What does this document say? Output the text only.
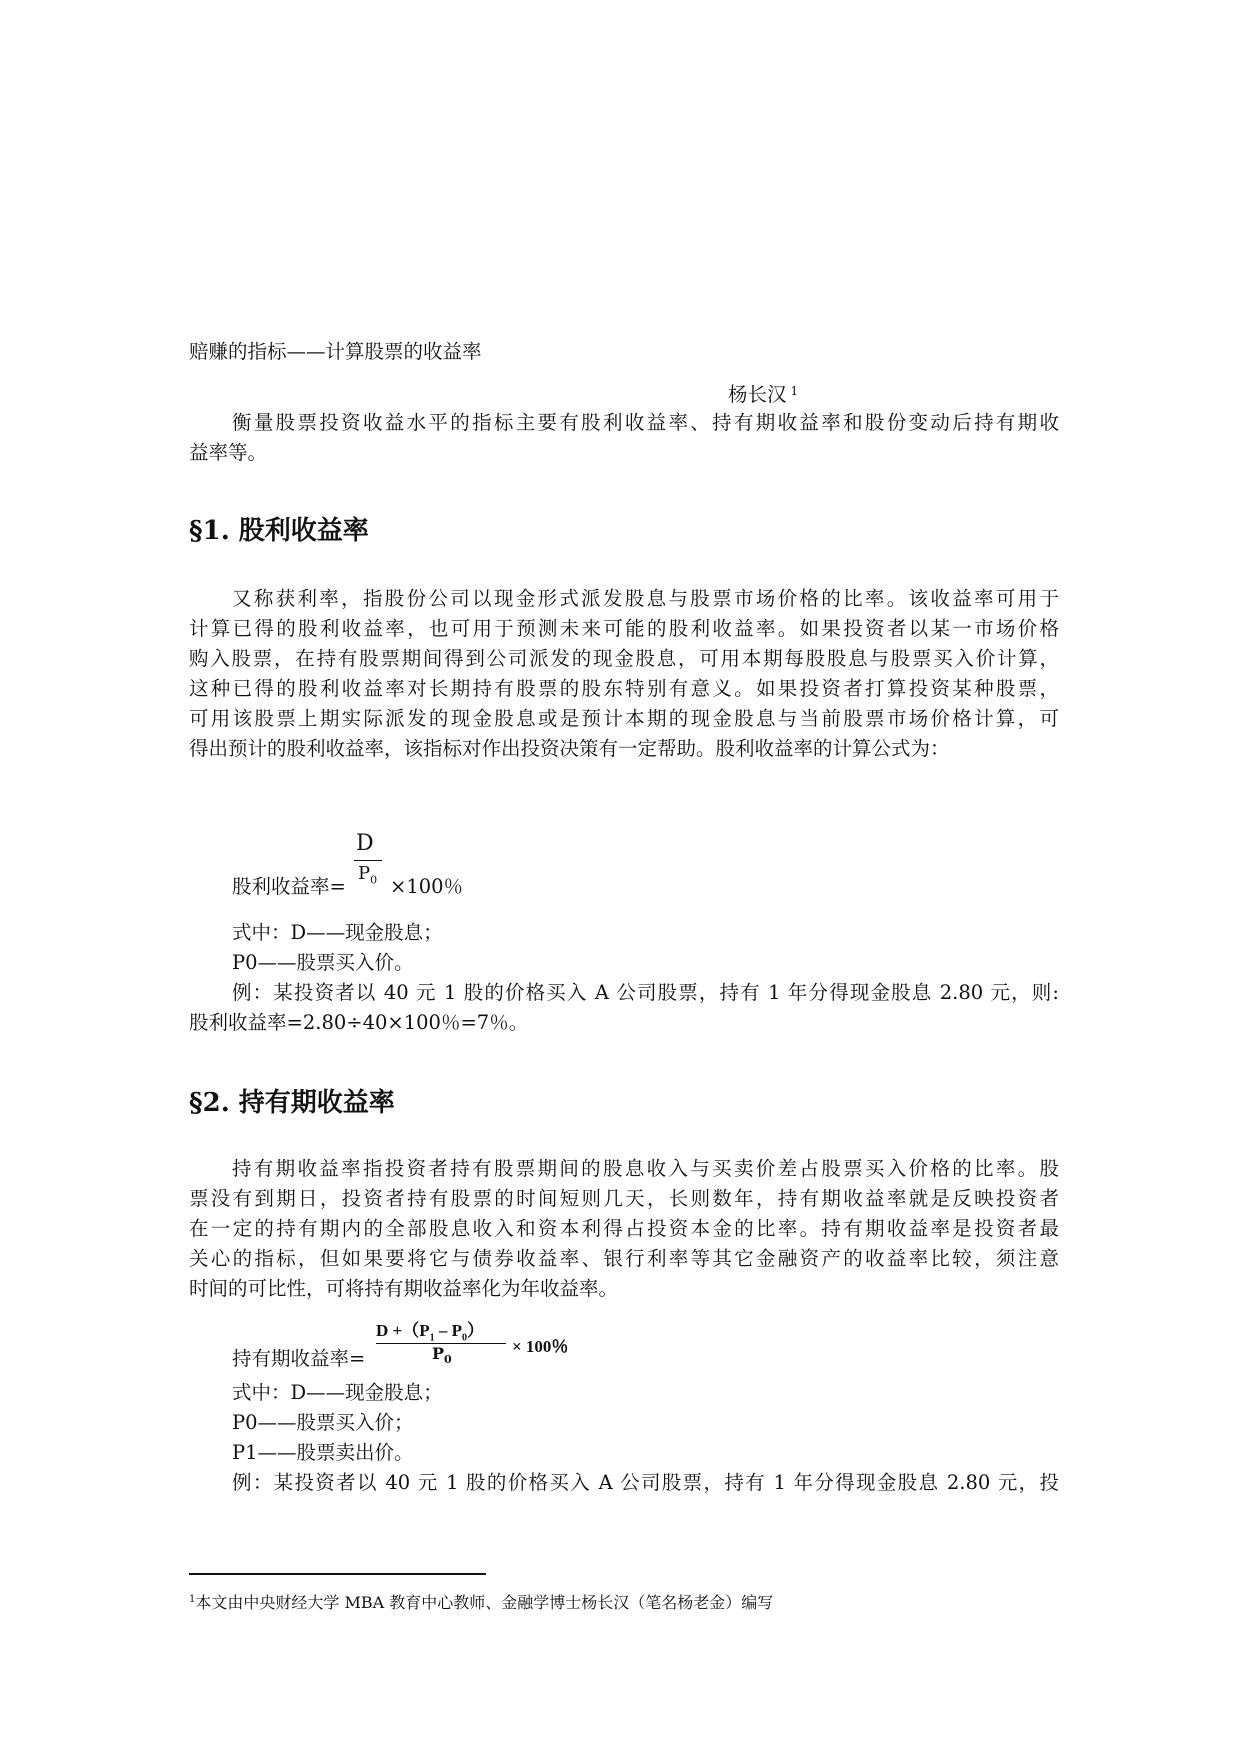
赔赚的指标——计算股票的收益率
杨长汉 $^1$
衡量股票投资收益水平的指标主要有股利收益率、持有期收益率和股份变动后持有期收
益率等。
§1. 股利收益率
又称获利率，指股份公司以现金形式派发股息与股票市场价格的比率。该收益率可用于
计算已得的股利收益率，也可用于预测未来可能的股利收益率。如果投资者以某一市场价格
购入股票，在持有股票期间得到公司派发的现金股息，可用本期每股股息与股票买入价计算，
这种已得的股利收益率对长期持有股票的股东特别有意义。如果投资者打算投资某种股票，
可用该股票上期实际派发的现金股息或是预计本期的现金股息与当前股票市场价格计算，可
得出预计的股利收益率，该指标对作出投资决策有一定帮助。股利收益率的计算公式为：
股利收益率=
D
$P_0 \times 100$％
式中：D——现金股息；
P0——股票买入价。
例：某投资者以 40 元 1 股的价格买入 A 公司股票，持有 1 年分得现金股息 2.80 元，则:
股利收益率=2.80÷40×100％=7％。
§2. 持有期收益率
持有期收益率指投资者持有股票期间的股息收入与买卖价差占股票买入价格的比率。股
票没有到期日，投资者持有股票的时间短则几天，长则数年，持有期收益率就是反映投资者
在一定的持有期内的全部股息收入和资本利得占投资本金的比率。持有期收益率是投资者最
关心的指标，但如果要将它与债券收益率、银行利率等其它金融资产的收益率比较，须注意
时间的可比性，可将持有期收益率化为年收益率。
持有期收益率=
$D +(P_1 - P_0)$
$P_0$
× 100％
式中：D——现金股息；
P0——股票买入价；
P1——股票卖出价。
例：某投资者以 40 元 1 股的价格买入 A 公司股票，持有 1 年分得现金股息 2.80 元，投
$^1$本文由中央财经大学 MBA 教育中心教师、金融学博士杨长汉（笔名杨老金）编写
